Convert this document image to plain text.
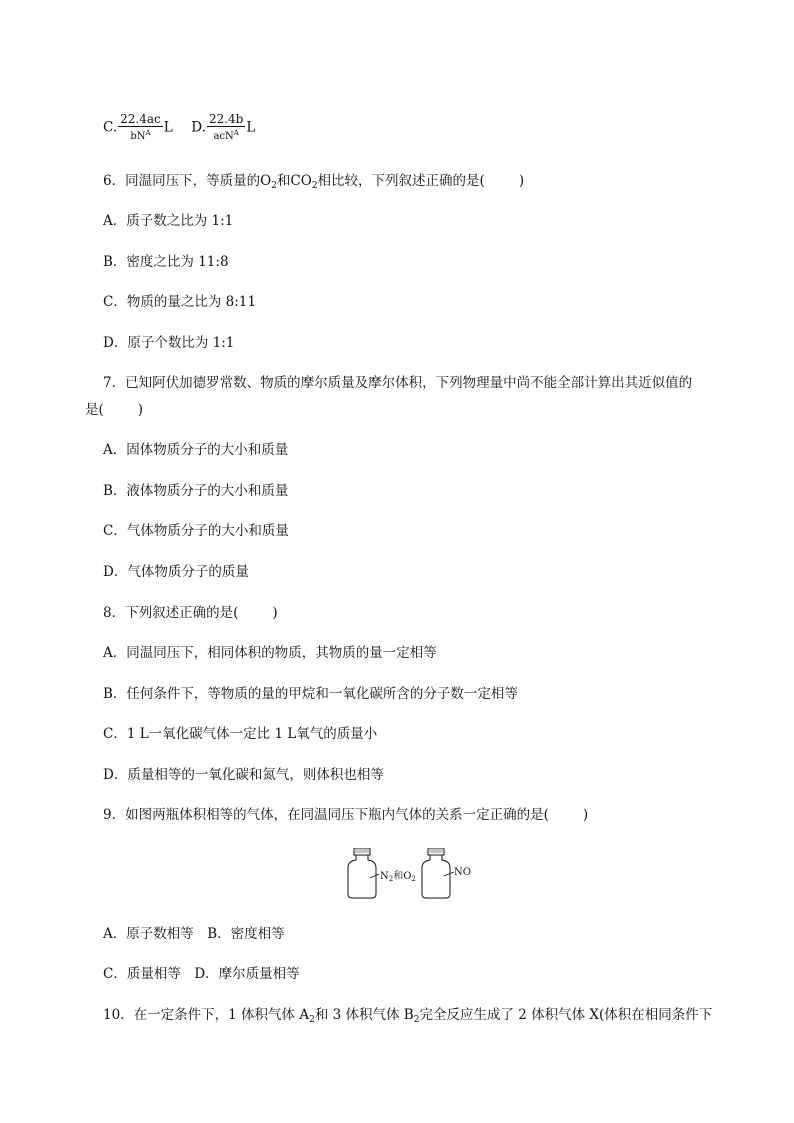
C. $\frac{22.4ac}{bN^A}$ L D. $\frac{22.4b}{acN^A}$ L
6．同温同压下，等质量的$O_2$和$CO_2$相比较，下列叙述正确的是(	)
A．质子数之比为 1:1
B．密度之比为 11:8
C．物质的量之比为 8:11
D．原子个数比为 1:1
7．已知阿伏加德罗常数、物质的摩尔质量及摩尔体积，下列物理量中尚不能全部计算出其近似值的
是(	)
A．固体物质分子的大小和质量
B．液体物质分子的大小和质量
C．气体物质分子的大小和质量
D．气体物质分子的质量
8．下列叙述正确的是(	)
A．同温同压下，相同体积的物质，其物质的量一定相等
B．任何条件下，等物质的量的甲烷和一氧化碳所含的分子数一定相等
C．1 L一氧化碳气体一定比 1 L氧气的质量小
D．质量相等的一氧化碳和氮气，则体积也相等
9．如图两瓶体积相等的气体，在同温同压下瓶内气体的关系一定正确的是(	)
$N_2$和$O_2$
NO
A．原子数相等　B．密度相等
C．质量相等　D．摩尔质量相等
10．在一定条件下，1 体积气体 $A_2$和 3 体积气体 $B_2$完全反应生成了 2 体积气体 X(体积在相同条件下
